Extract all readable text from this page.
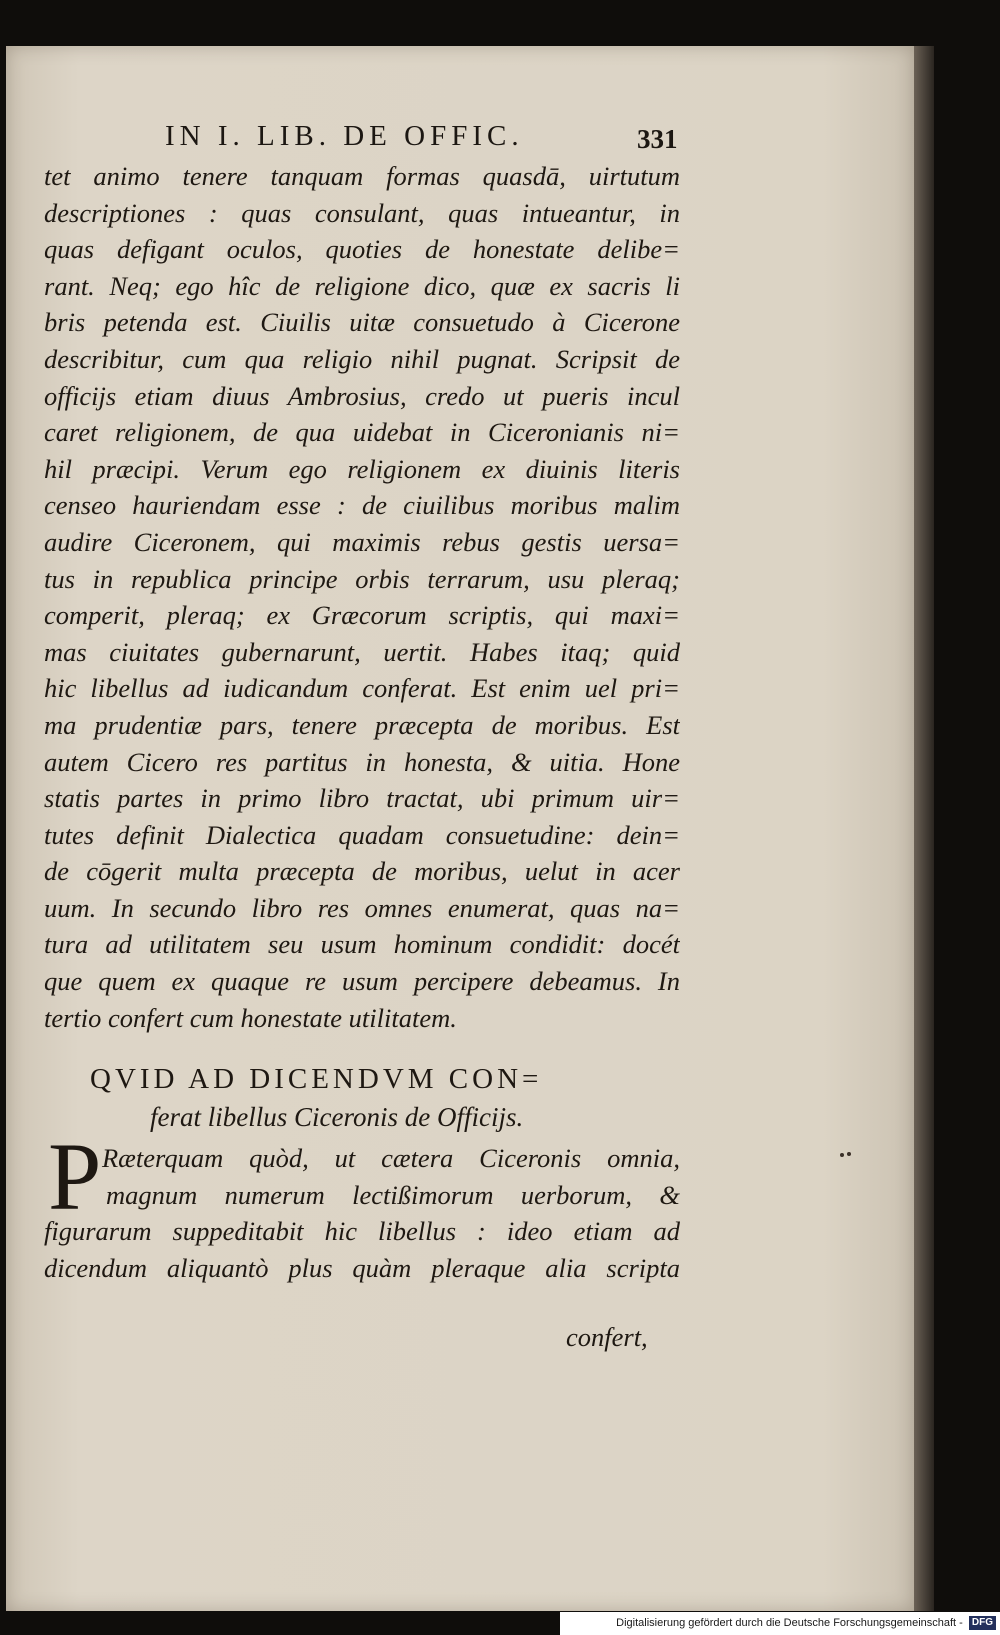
IN I. LIB. DE OFFIC.	331
tet animo tenere tanquam formas quasdā, uirtutum
descriptiones : quas consulant, quas intueantur, in
quas defigant oculos, quoties de honestate delibe=
rant. Neq; ego hîc de religione dico, quæ ex sacris li
bris petenda est. Ciuilis uitæ consuetudo à Cicerone
describitur, cum qua religio nihil pugnat. Scripsit de
officijs etiam diuus Ambrosius, credo ut pueris incul
caret religionem, de qua uidebat in Ciceronianis ni=
hil præcipi. Verum ego religionem ex diuinis literis
censeo hauriendam esse : de ciuilibus moribus malim
audire Ciceronem, qui maximis rebus gestis uersa=
tus in republica principe orbis terrarum, usu pleraq;
comperit, pleraq; ex Græcorum scriptis, qui maxi=
mas ciuitates gubernarunt, uertit. Habes itaq; quid
hic libellus ad iudicandum conferat. Est enim uel pri=
ma prudentiæ pars, tenere præcepta de moribus. Est
autem Cicero res partitus in honesta, & uitia. Hone
statis partes in primo libro tractat, ubi primum uir=
tutes definit Dialectica quadam consuetudine: dein=
de cōgerit multa præcepta de moribus, uelut in acer
uum. In secundo libro res omnes enumerat, quas na=
tura ad utilitatem seu usum hominum condidit: docét
que quem ex quaque re usum percipere debeamus. In
tertio confert cum honestate utilitatem.
QVID AD DICENDVM CON=
ferat libellus Ciceronis de Officijs.
P Ræterquam quòd, ut cætera Ciceronis omnia,
magnum numerum lectißimorum uerborum, &
figurarum suppeditabit hic libellus : ideo etiam ad
dicendum aliquantò plus quàm pleraque alia scripta
confert,
Digitalisierung gefördert durch die Deutsche Forschungsgemeinschaft - DFG
